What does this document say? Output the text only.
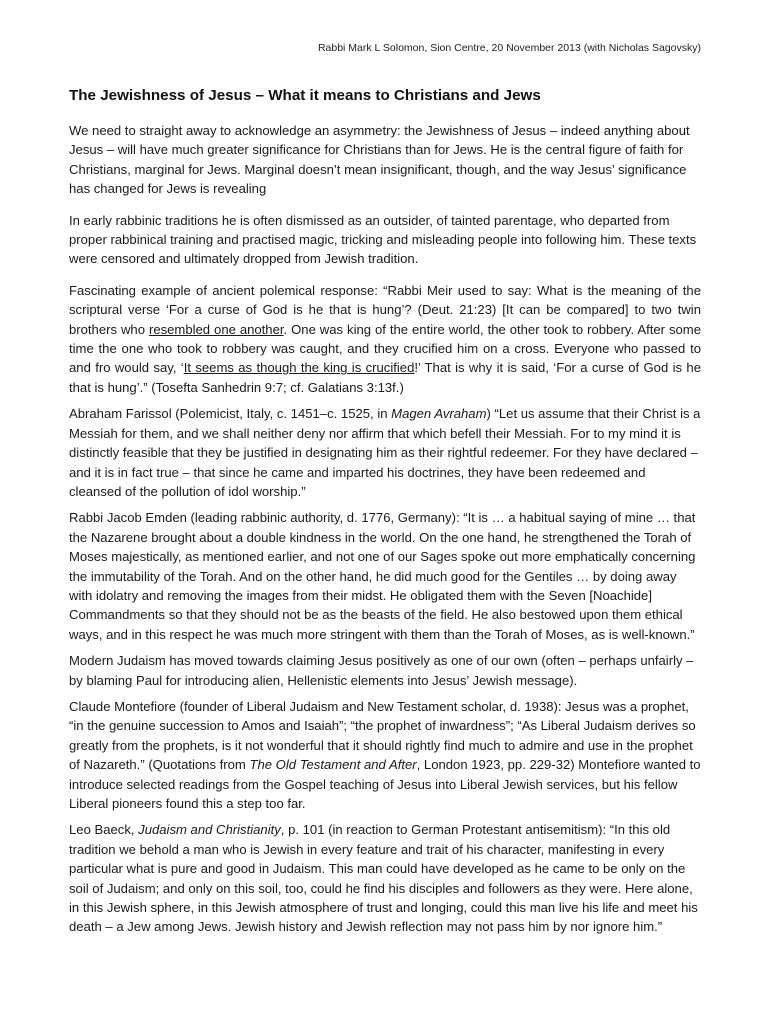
Rabbi Mark L Solomon, Sion Centre, 20 November 2013 (with Nicholas Sagovsky)
The Jewishness of Jesus – What it means to Christians and Jews

We need to straight away to acknowledge an asymmetry: the Jewishness of Jesus – indeed anything about Jesus – will have much greater significance for Christians than for Jews. He is the central figure of faith for Christians, marginal for Jews. Marginal doesn’t mean insignificant, though, and the way Jesus’ significance has changed for Jews is revealing

In early rabbinic traditions he is often dismissed as an outsider, of tainted parentage, who departed from proper rabbinical training and practised magic, tricking and misleading people into following him. These texts were censored and ultimately dropped from Jewish tradition.

Fascinating example of ancient polemical response: “Rabbi Meir used to say: What is the meaning of the scriptural verse ‘For a curse of God is he that is hung’? (Deut. 21:23) [It can be compared] to two twin brothers who resembled one another. One was king of the entire world, the other took to robbery. After some time the one who took to robbery was caught, and they crucified him on a cross. Everyone who passed to and fro would say, ‘It seems as though the king is crucified!’ That is why it is said, ‘For a curse of God is he that is hung’.” (Tosefta Sanhedrin 9:7; cf. Galatians 3:13f.)

Abraham Farissol (Polemicist, Italy, c. 1451–c. 1525, in Magen Avraham) “Let us assume that their Christ is a Messiah for them, and we shall neither deny nor affirm that which befell their Messiah. For to my mind it is distinctly feasible that they be justified in designating him as their rightful redeemer. For they have declared – and it is in fact true – that since he came and imparted his doctrines, they have been redeemed and cleansed of the pollution of idol worship.”

Rabbi Jacob Emden (leading rabbinic authority, d. 1776, Germany): “It is … a habitual saying of mine … that the Nazarene brought about a double kindness in the world. On the one hand, he strengthened the Torah of Moses majestically, as mentioned earlier, and not one of our Sages spoke out more emphatically concerning the immutability of the Torah. And on the other hand, he did much good for the Gentiles … by doing away with idolatry and removing the images from their midst. He obligated them with the Seven [Noachide] Commandments so that they should not be as the beasts of the field. He also bestowed upon them ethical ways, and in this respect he was much more stringent with them than the Torah of Moses, as is well-known.”

Modern Judaism has moved towards claiming Jesus positively as one of our own (often – perhaps unfairly – by blaming Paul for introducing alien, Hellenistic elements into Jesus’ Jewish message).

Claude Montefiore (founder of Liberal Judaism and New Testament scholar, d. 1938): Jesus was a prophet, “in the genuine succession to Amos and Isaiah”; “the prophet of inwardness”; “As Liberal Judaism derives so greatly from the prophets, is it not wonderful that it should rightly find much to admire and use in the prophet of Nazareth.” (Quotations from The Old Testament and After, London 1923, pp. 229-32) Montefiore wanted to introduce selected readings from the Gospel teaching of Jesus into Liberal Jewish services, but his fellow Liberal pioneers found this a step too far.

Leo Baeck, Judaism and Christianity, p. 101 (in reaction to German Protestant antisemitism): “In this old tradition we behold a man who is Jewish in every feature and trait of his character, manifesting in every particular what is pure and good in Judaism. This man could have developed as he came to be only on the soil of Judaism; and only on this soil, too, could he find his disciples and followers as they were. Here alone, in this Jewish sphere, in this Jewish atmosphere of trust and longing, could this man live his life and meet his death – a Jew among Jews. Jewish history and Jewish reflection may not pass him by nor ignore him.”
